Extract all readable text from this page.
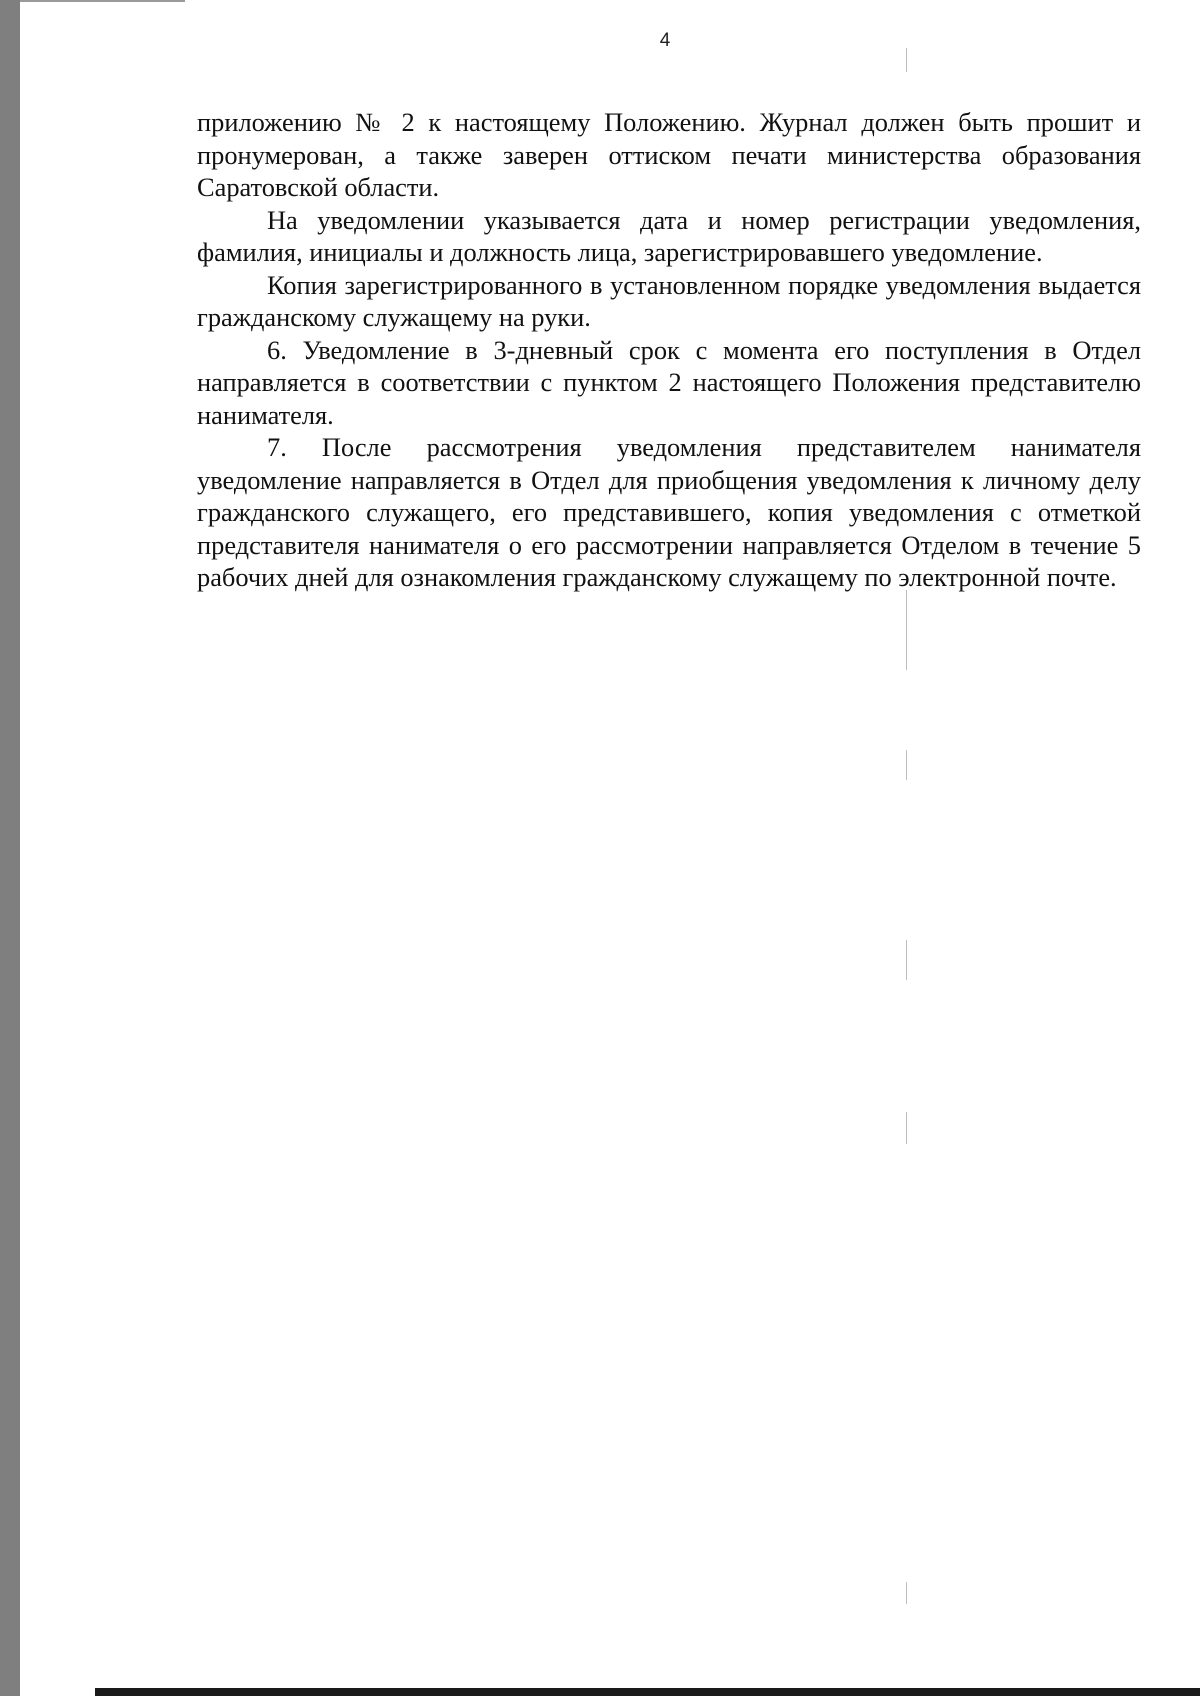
4

приложению № 2 к настоящему Положению. Журнал должен быть прошит и пронумерован, а также заверен оттиском печати министерства образования Саратовской области.

На уведомлении указывается дата и номер регистрации уведомления, фамилия, инициалы и должность лица, зарегистрировавшего уведомление.

Копия зарегистрированного в установленном порядке уведомления выдается гражданскому служащему на руки.

6. Уведомление в 3-дневный срок с момента его поступления в Отдел направляется в соответствии с пунктом 2 настоящего Положения представителю нанимателя.

7. После рассмотрения уведомления представителем нанимателя уведомление направляется в Отдел для приобщения уведомления к личному делу гражданского служащего, его представившего, копия уведомления с отметкой представителя нанимателя о его рассмотрении направляется Отделом в течение 5 рабочих дней для ознакомления гражданскому служащему по электронной почте.
